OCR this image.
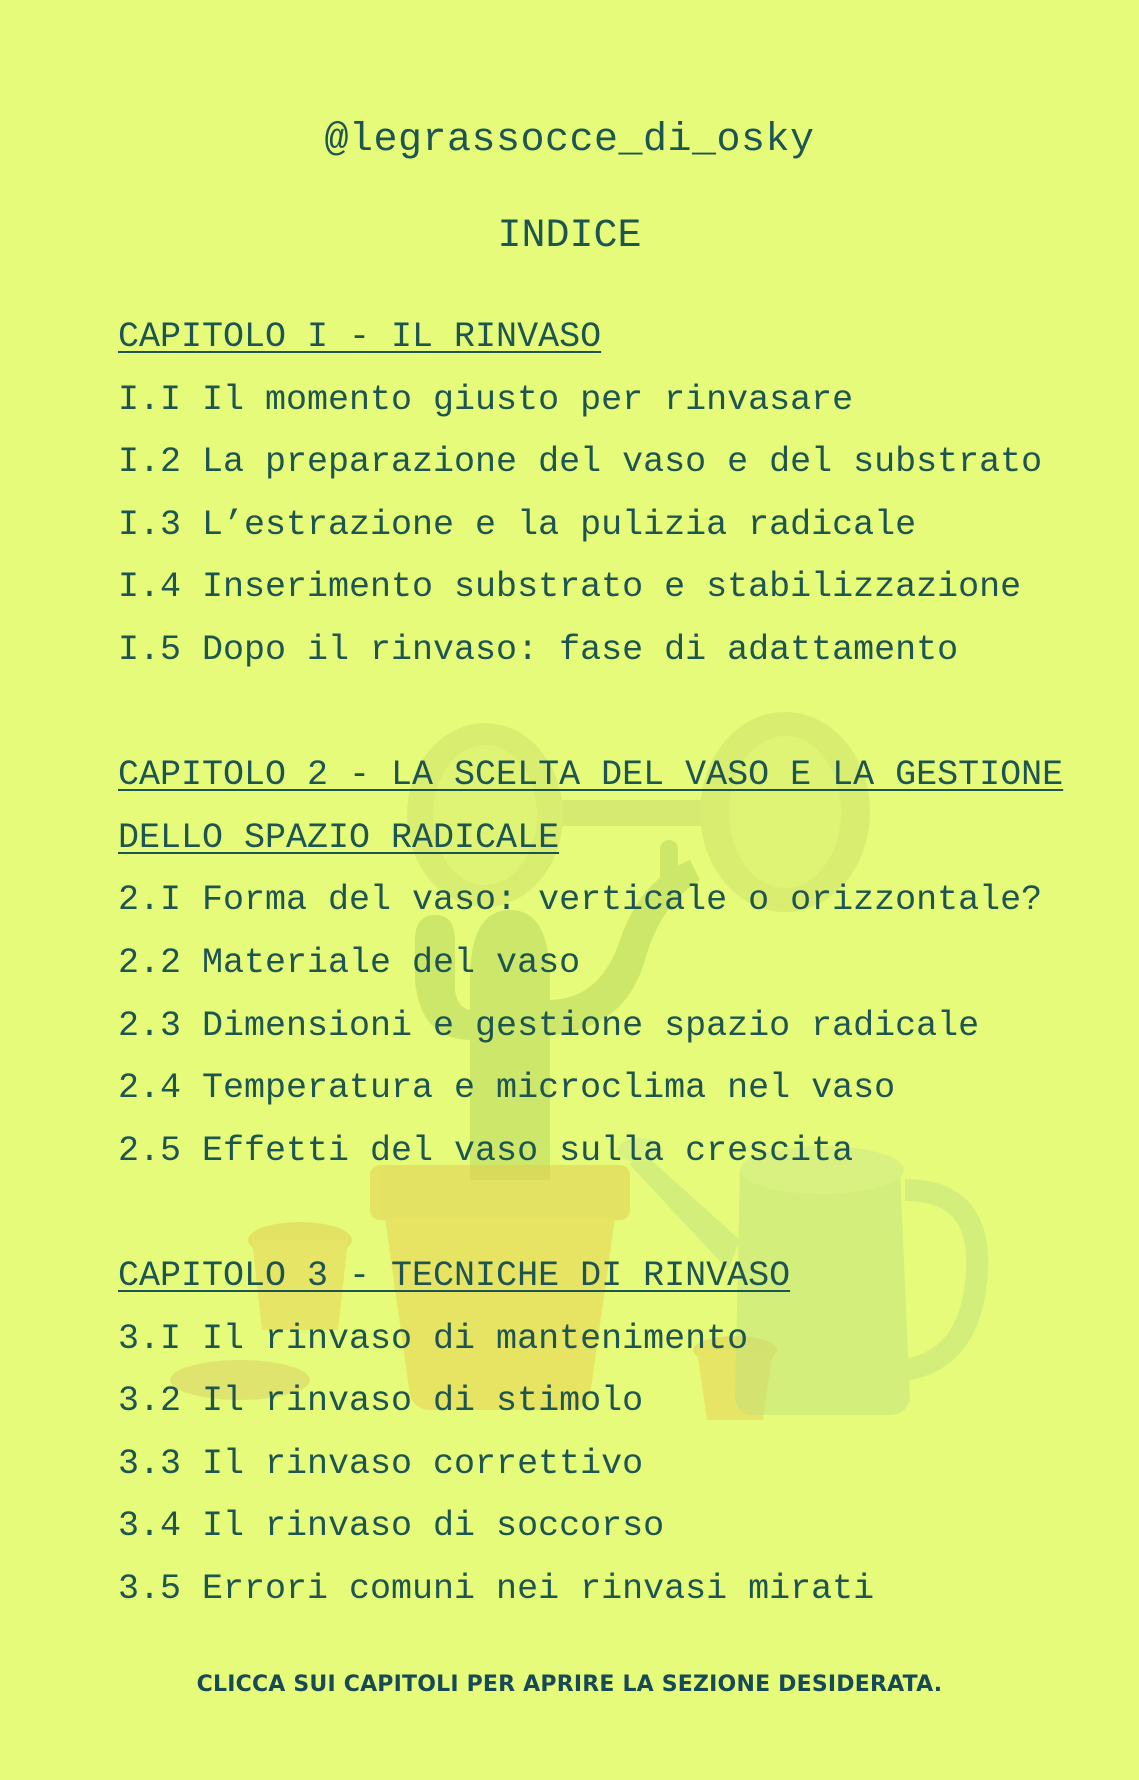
@legrassocce_di_osky
INDICE
CAPITOLO I - IL RINVASO
I.I Il momento giusto per rinvasare
I.2 La preparazione del vaso e del substrato
I.3 L’estrazione e la pulizia radicale
I.4 Inserimento substrato e stabilizzazione
I.5 Dopo il rinvaso: fase di adattamento
CAPITOLO 2 - LA SCELTA DEL VASO E LA GESTIONE
DELLO SPAZIO RADICALE
2.I Forma del vaso: verticale o orizzontale?
2.2 Materiale del vaso
2.3 Dimensioni e gestione spazio radicale
2.4 Temperatura e microclima nel vaso
2.5 Effetti del vaso sulla crescita
CAPITOLO 3 - TECNICHE DI RINVASO
3.I Il rinvaso di mantenimento
3.2 Il rinvaso di stimolo
3.3 Il rinvaso correttivo
3.4 Il rinvaso di soccorso
3.5 Errori comuni nei rinvasi mirati
CLICCA SUI CAPITOLI PER APRIRE LA SEZIONE DESIDERATA.
